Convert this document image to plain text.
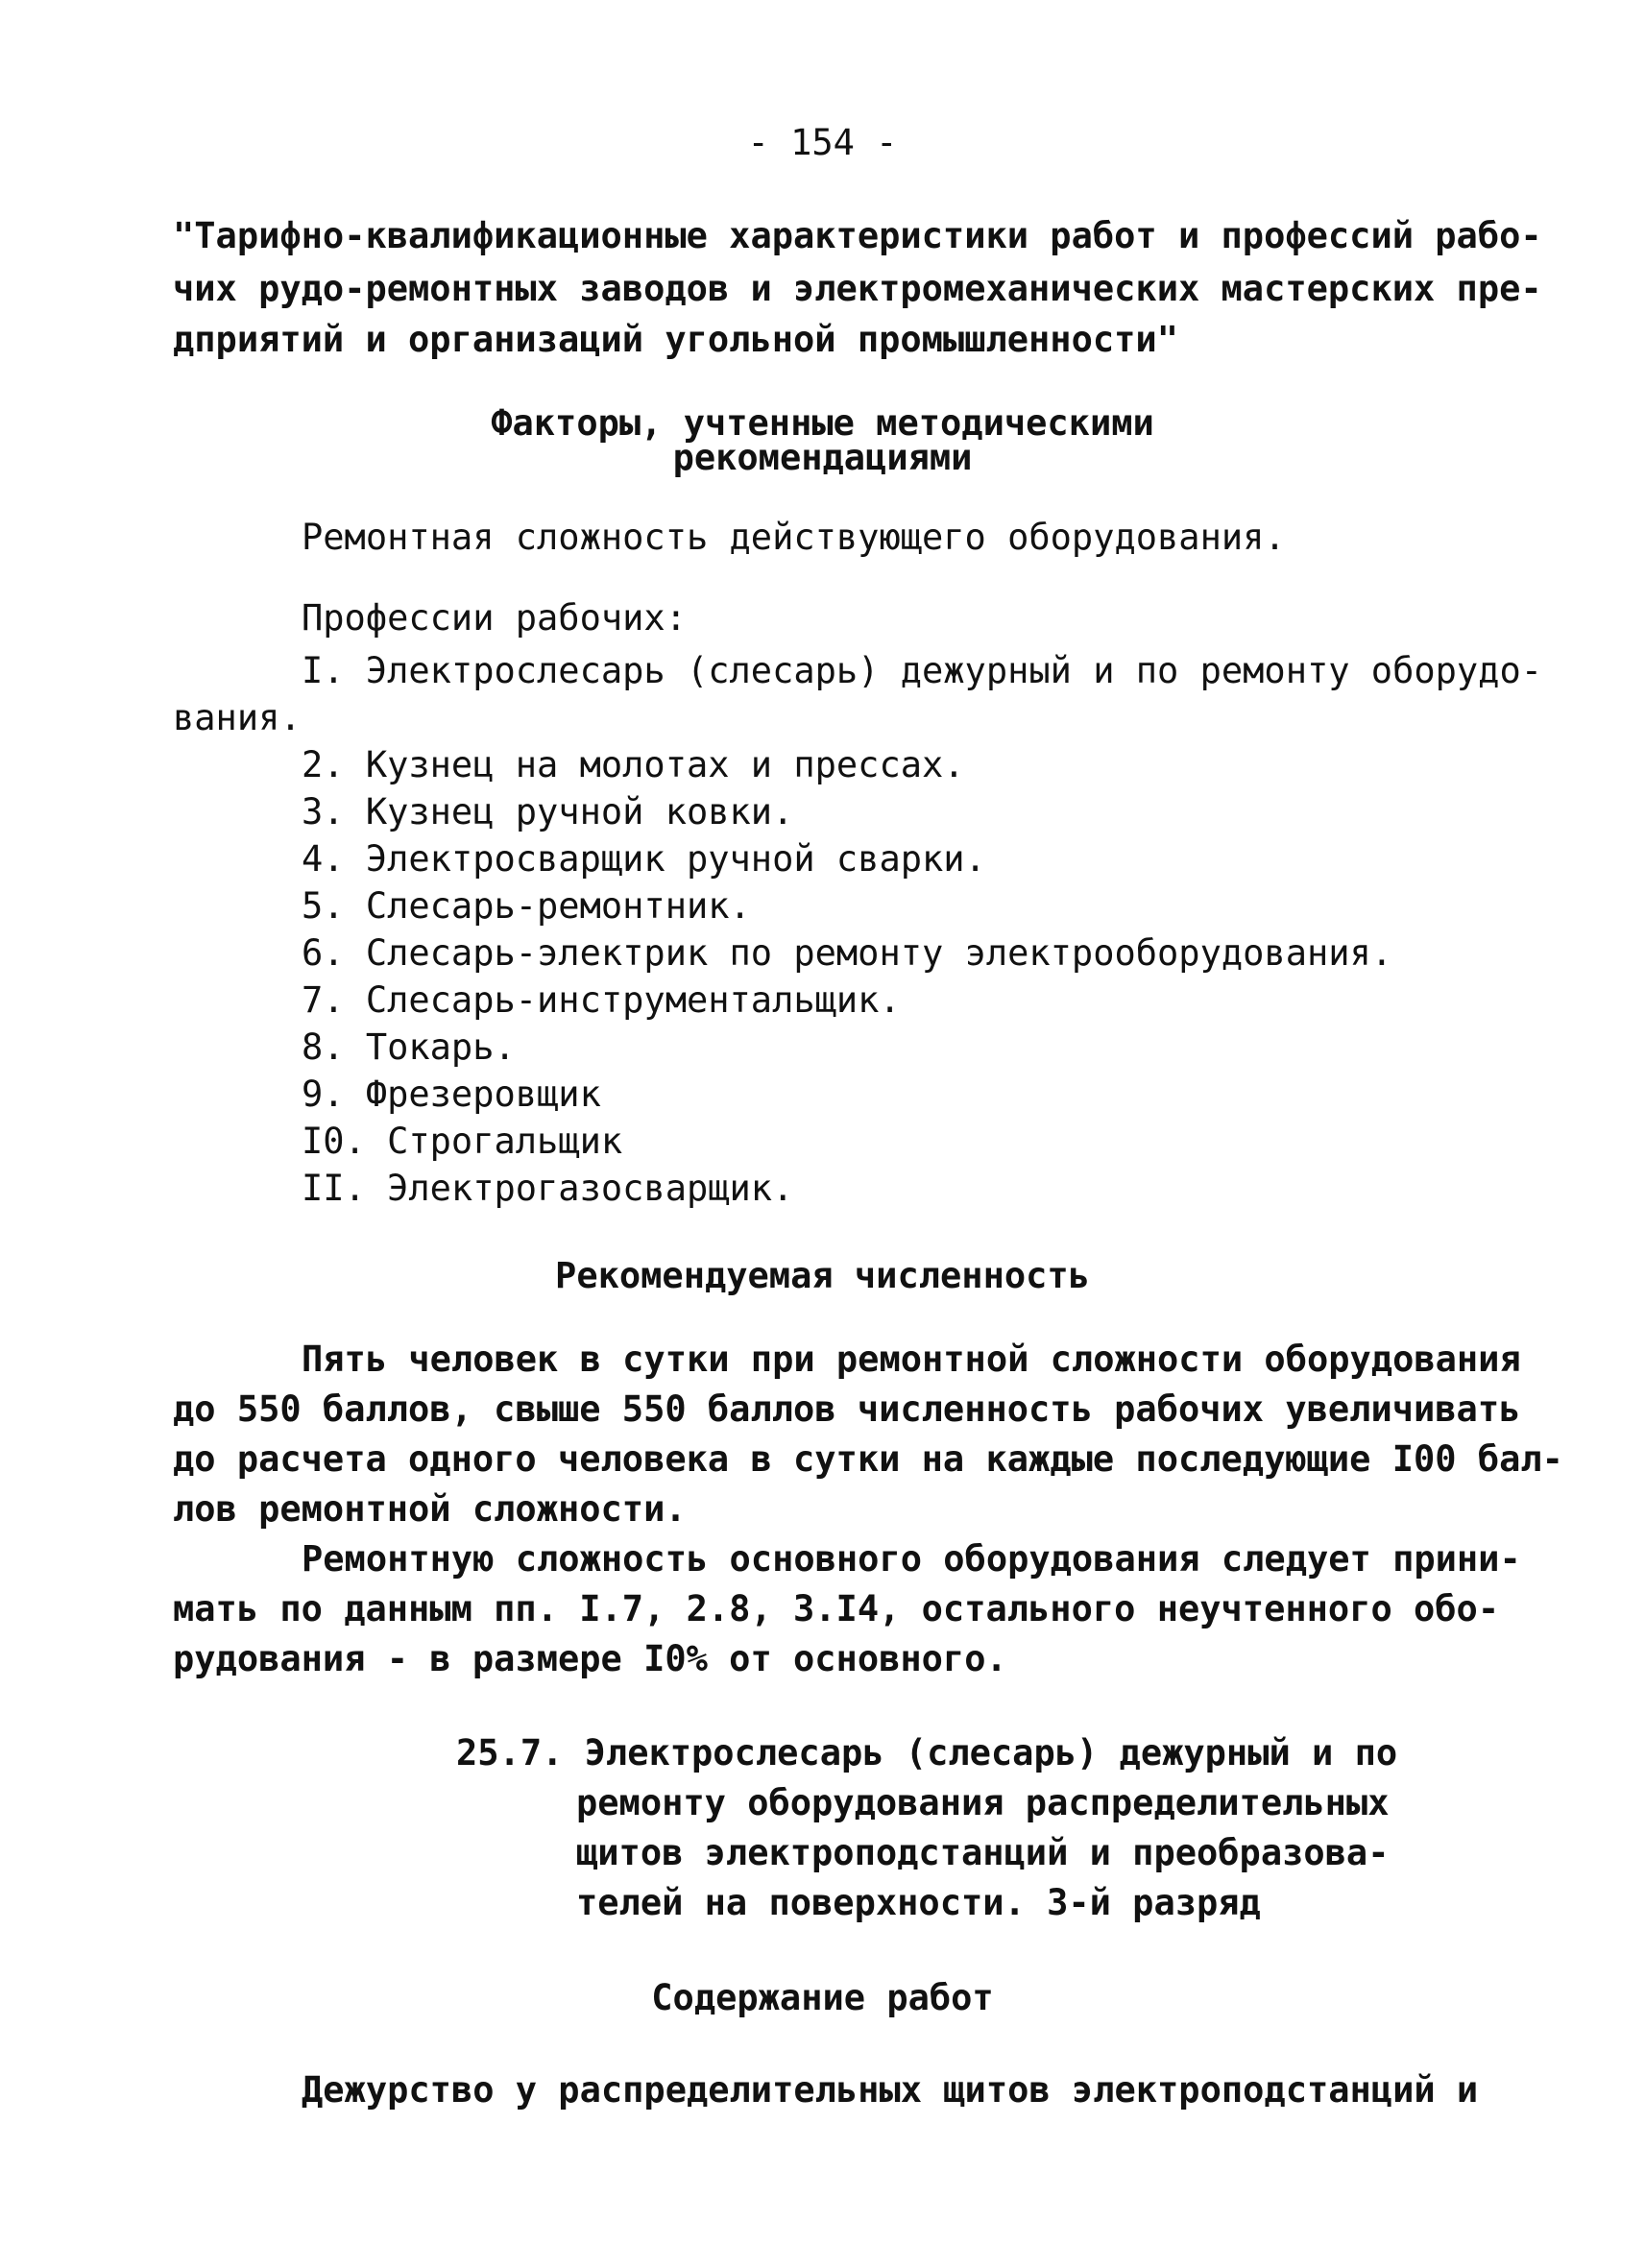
- 154 -
"Тарифно-квалификационные характеристики работ и профессий рабо-
чих рудо-ремонтных заводов и электромеханических мастерских пре-
дприятий и организаций угольной промышленности"
Факторы, учтенные методическими
рекомендациями
Ремонтная сложность действующего оборудования.
Профессии рабочих:
I. Электрослесарь (слесарь) дежурный и по ремонту оборудо-
вания.
2. Кузнец на молотах и прессах.
3. Кузнец ручной ковки.
4. Электросварщик ручной сварки.
5. Слесарь-ремонтник.
6. Слесарь-электрик по ремонту электрооборудования.
7. Слесарь-инструментальщик.
8. Токарь.
9. Фрезеровщик
I0. Строгальщик
II. Электрогазосварщик.
Рекомендуемая численность
Пять человек в сутки при ремонтной сложности оборудования
до 550 баллов, свыше 550 баллов численность рабочих увеличивать
до расчета одного человека в сутки на каждые последующие I00 бал-
лов ремонтной сложности.
Ремонтную сложность основного оборудования следует прини-
мать по данным пп. I.7, 2.8, 3.I4, остального неучтенного обо-
рудования - в размере I0% от основного.
25.7. Электрослесарь (слесарь) дежурный и по
ремонту оборудования распределительных
щитов электроподстанций и преобразова-
телей на поверхности. 3-й разряд
Содержание работ
Дежурство у распределительных щитов электроподстанций и
